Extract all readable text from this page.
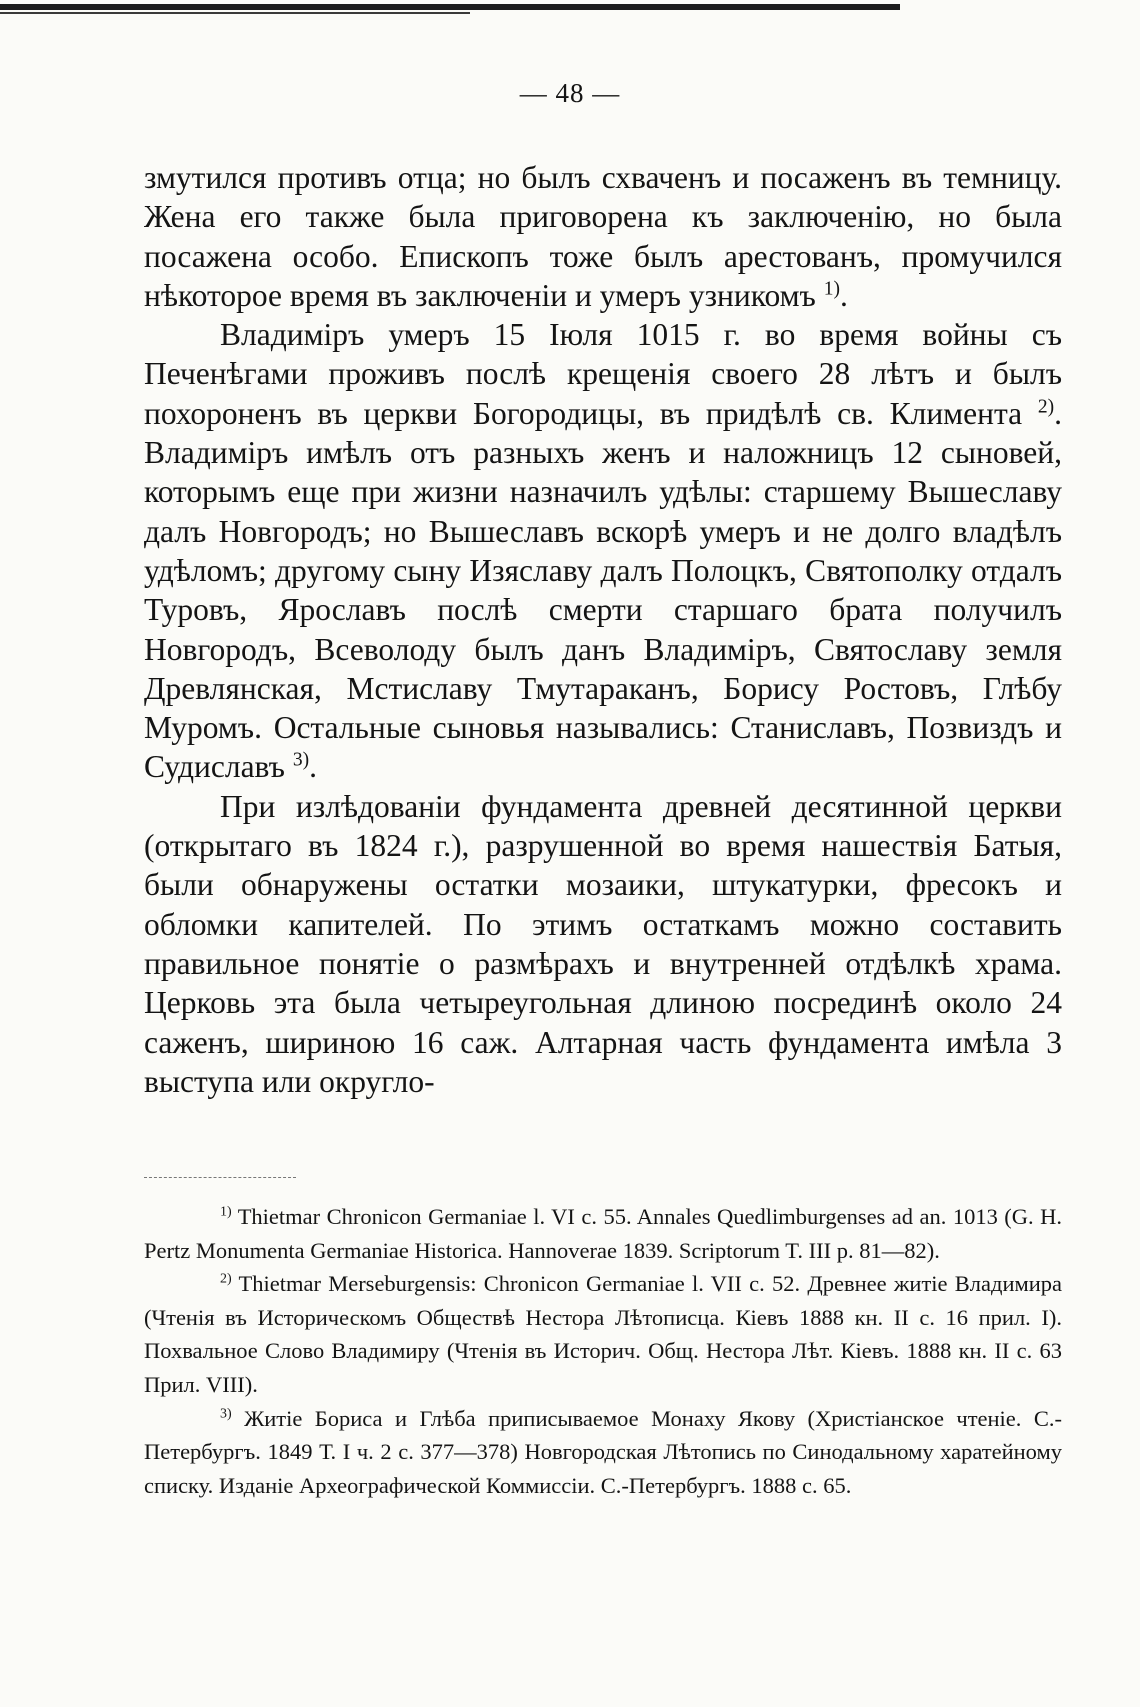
— 48 —

змутился противъ отца; но былъ схваченъ и посаженъ въ темницу. Жена его также была приговорена къ заключенію, но была посажена особо. Епископъ тоже былъ арестованъ, промучился нѣкоторое время въ заключеніи и умеръ узникомъ $^{1)}$.

Владиміръ умеръ 15 Іюля 1015 г. во время войны съ Печенѣгами проживъ послѣ крещенія своего 28 лѣтъ и былъ похороненъ въ церкви Богородицы, въ придѣлѣ св. Климента $^{2)}$. Владиміръ имѣлъ отъ разныхъ женъ и наложницъ 12 сыновей, которымъ еще при жизни назначилъ удѣлы: старшему Вышеславу далъ Новгородъ; но Вышеславъ вскорѣ умеръ и не долго владѣлъ удѣломъ; другому сыну Изяславу далъ Полоцкъ, Святополку отдалъ Туровъ, Ярославъ послѣ смерти старшаго брата получилъ Новгородъ, Всеволоду былъ данъ Владиміръ, Святославу земля Древлянская, Мстиславу Тмутараканъ, Борису Ростовъ, Глѣбу Муромъ. Остальные сыновья назывались: Станиславъ, Позвиздъ и Судиславъ $^{3)}$.

При излѣдованіи фундамента древней десятинной церкви (открытаго въ 1824 г.), разрушенной во время нашествія Батыя, были обнаружены остатки мозаики, штукатурки, фресокъ и обломки капителей. По этимъ остаткамъ можно составить правильное понятіе о размѣрахъ и внутренней отдѣлкѣ храма. Церковь эта была четыреугольная длиною посрединѣ около 24 саженъ, шириною 16 саж. Алтарная часть фундамента имѣла 3 выступа или округло-

$^{1)}$ Thietmar Chronicon Germaniae l. VI c. 55. Annales Quedlimburgenses ad an. 1013 (G. H. Pertz Monumenta Germaniae Historica. Hannoverae 1839. Scriptorum T. III p. 81—82).

$^{2)}$ Thietmar Merseburgensis: Chronicon Germaniae l. VII c. 52. Древнее житіе Владимира (Чтенія въ Историческомъ Обществѣ Нестора Лѣтописца. Кіевъ 1888 кн. II с. 16 прил. I). Похвальное Слово Владимиру (Чтенія въ Историч. Общ. Нестора Лѣт. Кіевъ. 1888 кн. II с. 63 Прил. VIII).

$^{3)}$ Житіе Бориса и Глѣба приписываемое Монаху Якову (Христіанское чтеніе. С.-Петербургъ. 1849 Т. I ч. 2 с. 377—378) Новгородская Лѣтопись по Синодальному харатейному списку. Изданіе Археографической Коммиссіи. С.-Петербургъ. 1888 с. 65.
